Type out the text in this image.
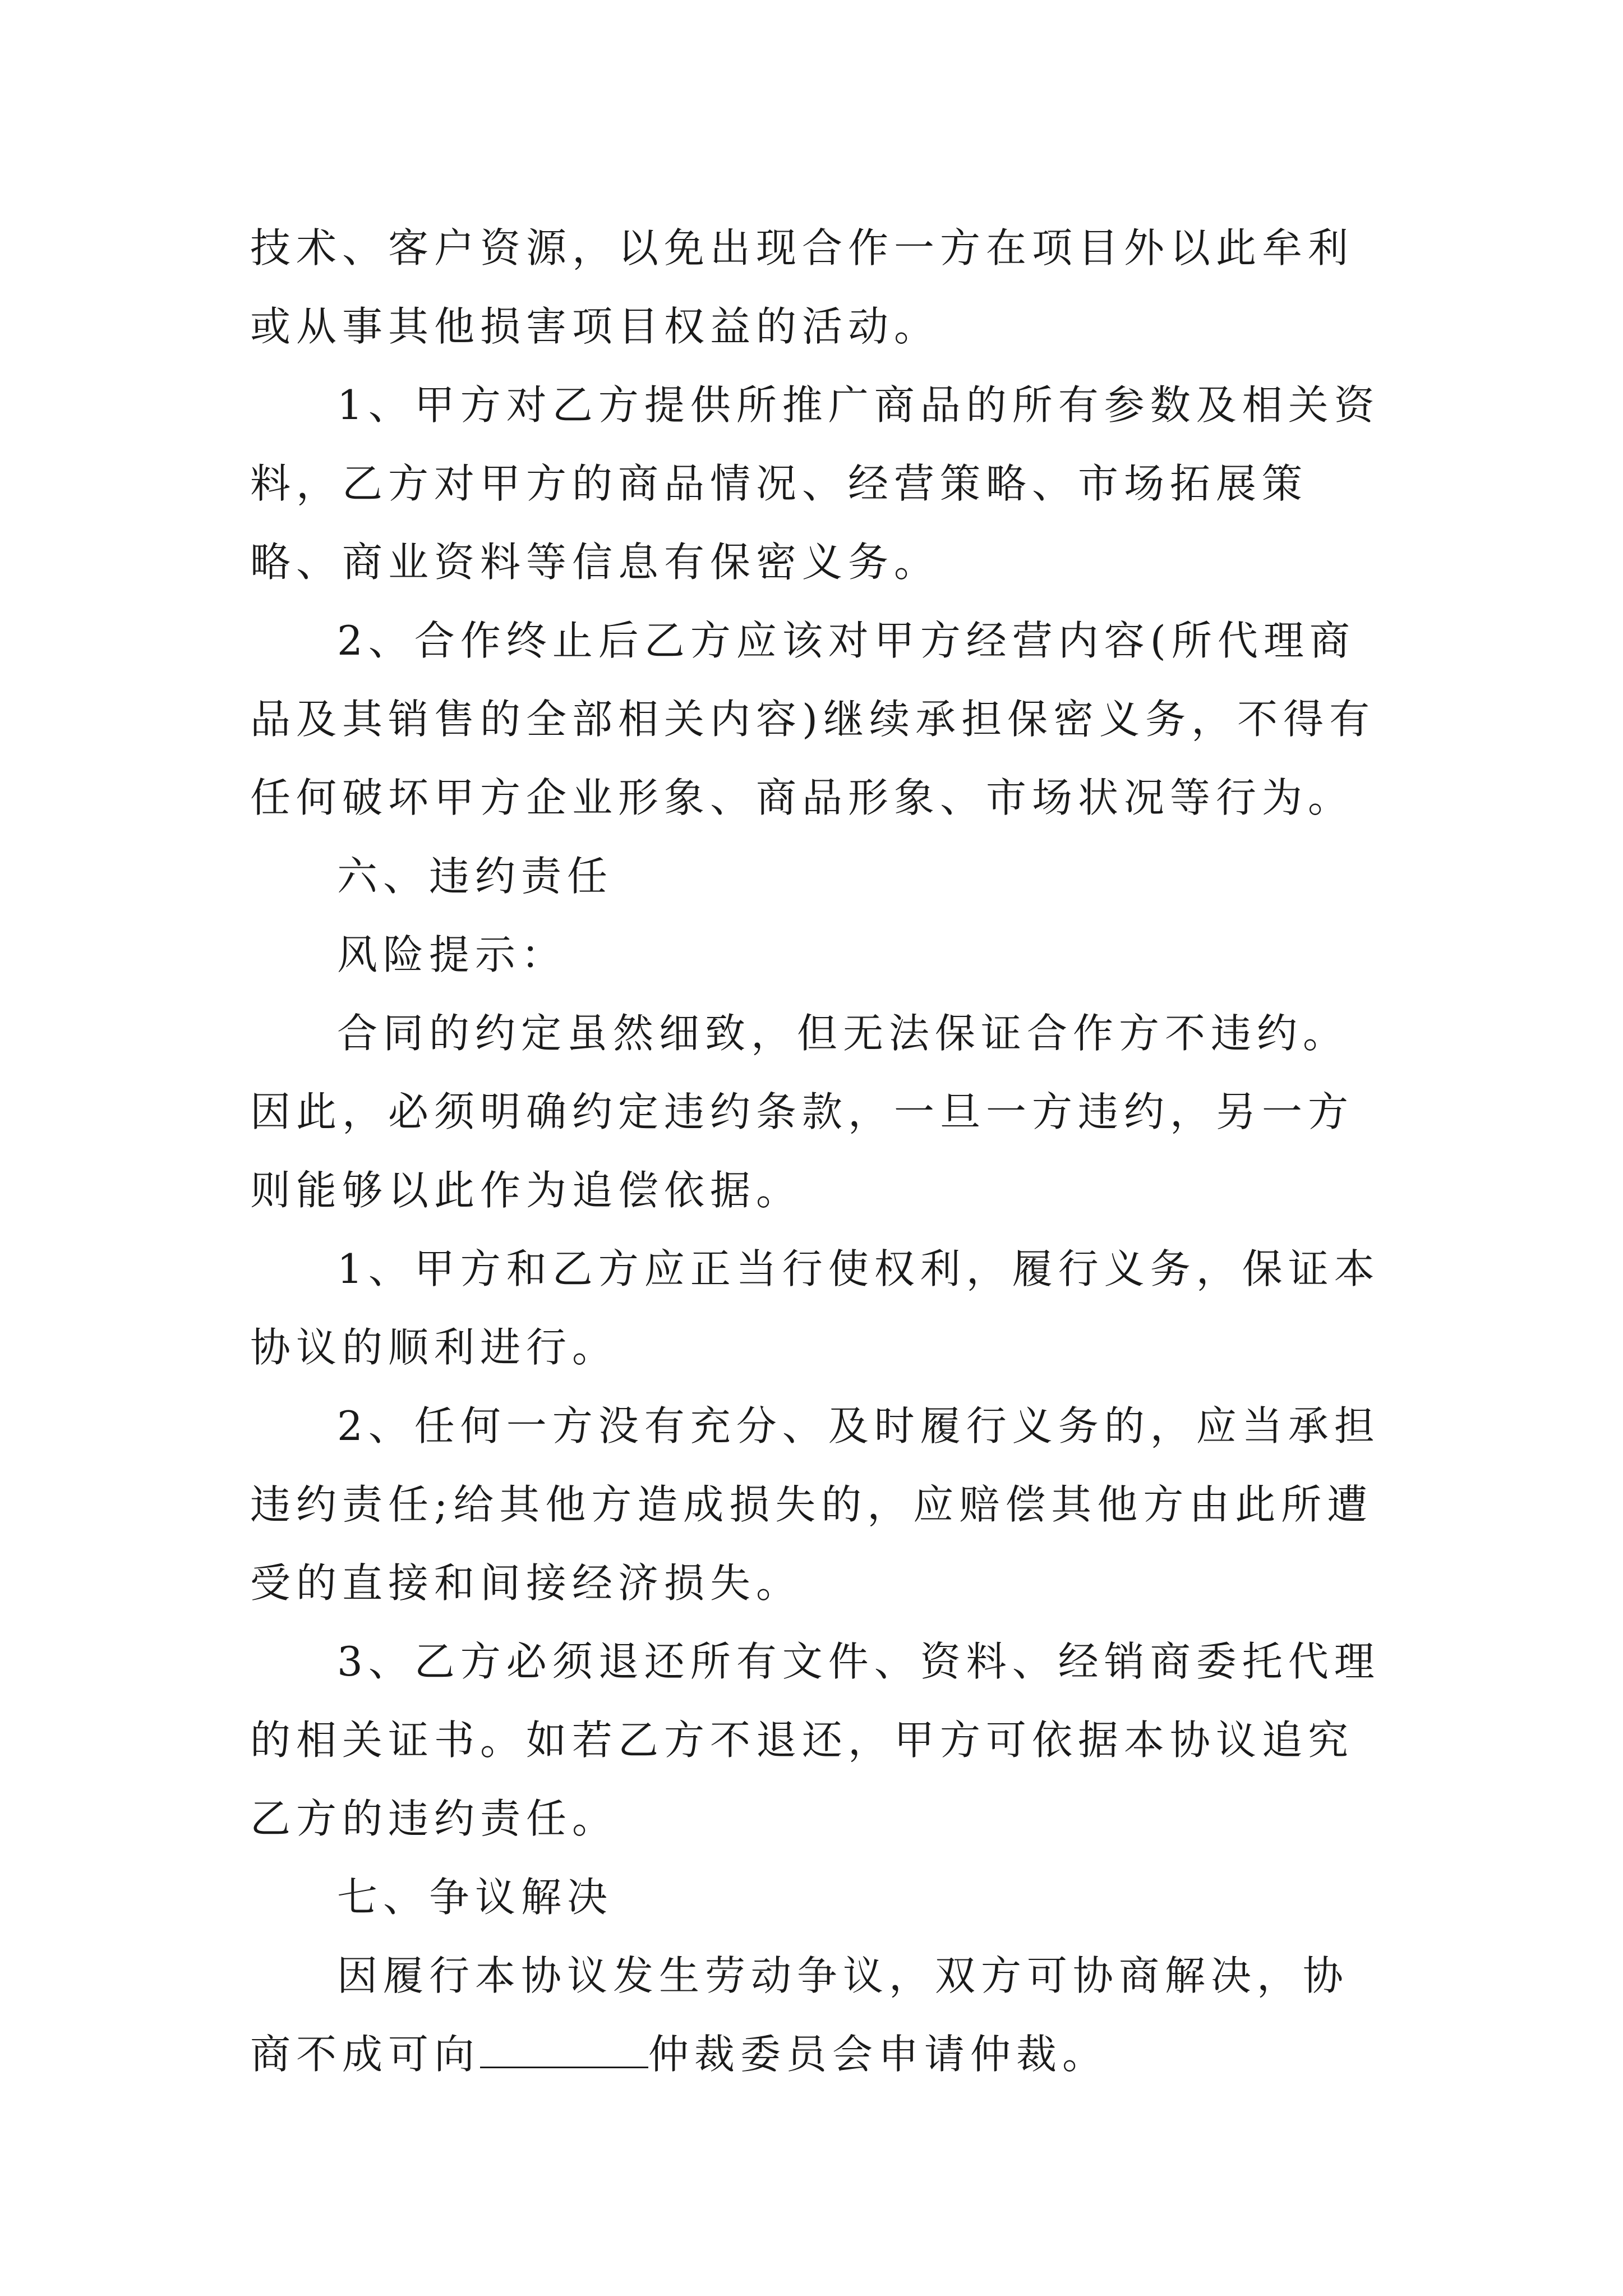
技术、客户资源，以免出现合作一方在项目外以此牟利或从事其他损害项目权益的活动。

1、甲方对乙方提供所推广商品的所有参数及相关资料，乙方对甲方的商品情况、经营策略、市场拓展策略、商业资料等信息有保密义务。

2、合作终止后乙方应该对甲方经营内容(所代理商品及其销售的全部相关内容)继续承担保密义务，不得有任何破坏甲方企业形象、商品形象、市场状况等行为。

六、违约责任

风险提示：

合同的约定虽然细致，但无法保证合作方不违约。因此，必须明确约定违约条款，一旦一方违约，另一方则能够以此作为追偿依据。

1、甲方和乙方应正当行使权利，履行义务，保证本协议的顺利进行。

2、任何一方没有充分、及时履行义务的，应当承担违约责任;给其他方造成损失的，应赔偿其他方由此所遭受的直接和间接经济损失。

3、乙方必须退还所有文件、资料、经销商委托代理的相关证书。如若乙方不退还，甲方可依据本协议追究乙方的违约责任。

七、争议解决

因履行本协议发生劳动争议，双方可协商解决，协商不成可向	仲裁委员会申请仲裁。
